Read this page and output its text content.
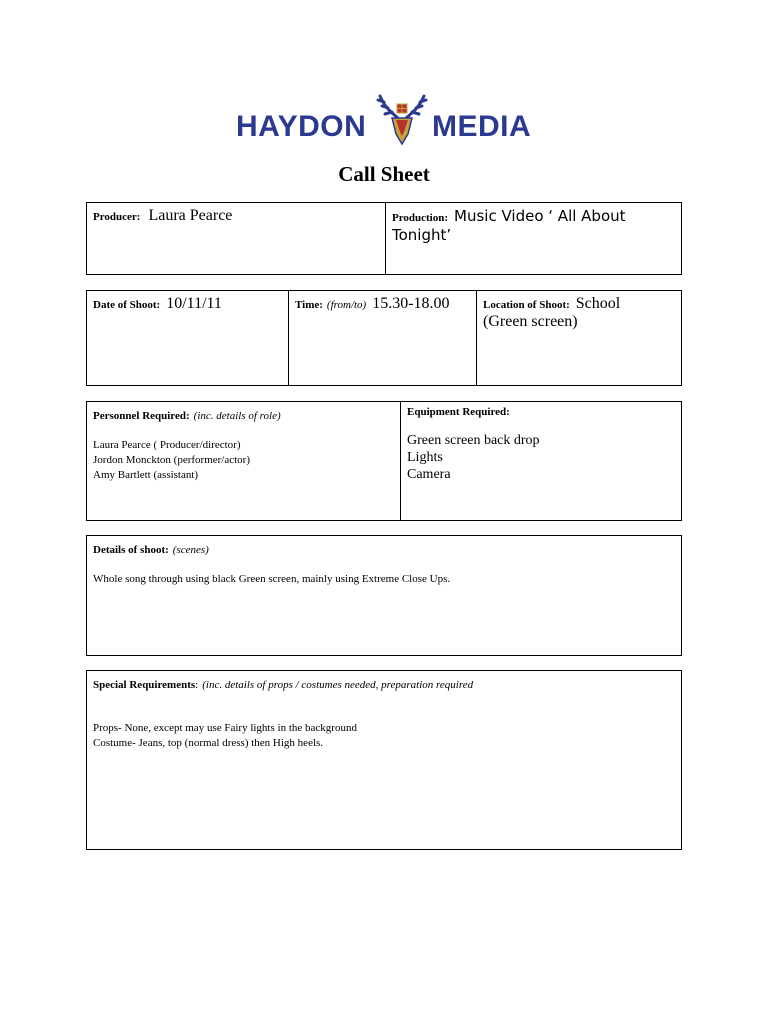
HAYDON MEDIA
Call Sheet
Producer: Laura Pearce	Production: Music Video ‘ All About
Tonight’
Date of Shoot: 10/11/11	Time: (from/to) 15.30-18.00	Location of Shoot: School
(Green screen)
Personnel Required: (inc. details of role)
Laura Pearce ( Producer/director)
Jordon Monckton (performer/actor)
Amy Bartlett (assistant)
Equipment Required:
Green screen back drop
Lights
Camera
Details of shoot: (scenes)
Whole song through using black Green screen, mainly using Extreme Close Ups.
Special Requirements: (inc. details of props / costumes needed, preparation required
Props- None, except may use Fairy lights in the background
Costume- Jeans, top (normal dress) then High heels.
